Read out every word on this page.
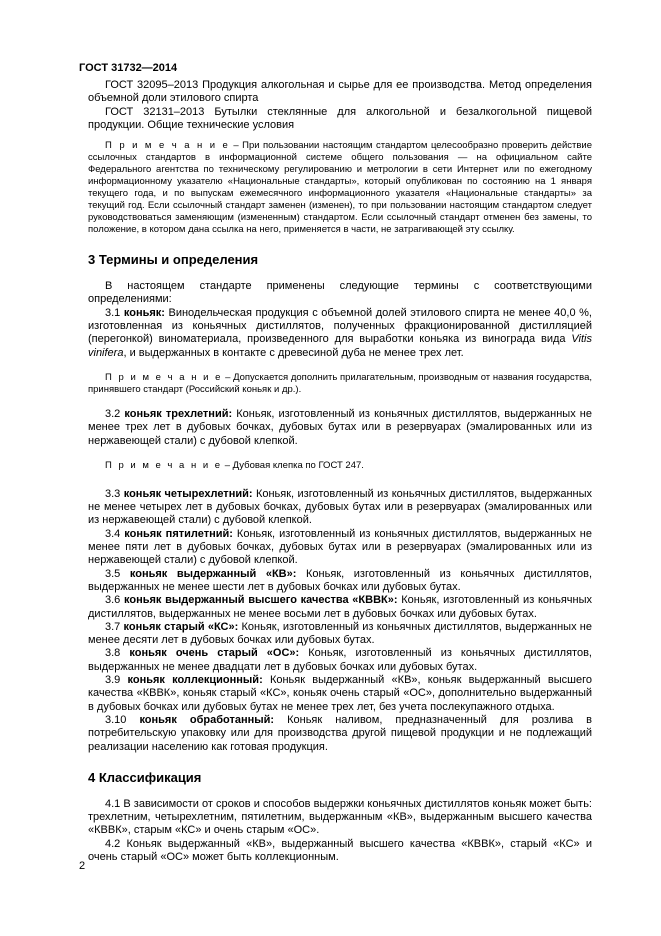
ГОСТ 31732—2014

ГОСТ 32095–2013 Продукция алкогольная и сырье для ее производства. Метод определения объемной доли этилового спирта

ГОСТ 32131–2013 Бутылки стеклянные для алкогольной и безалкогольной пищевой продукции. Общие технические условия

П р и м е ч а н и е – При пользовании настоящим стандартом целесообразно проверить действие ссылочных стандартов в информационной системе общего пользования — на официальном сайте Федерального агентства по техническому регулированию и метрологии в сети Интернет или по ежегодному информационному указателю «Национальные стандарты», который опубликован по состоянию на 1 января текущего года, и по выпускам ежемесячного информационного указателя «Национальные стандарты» за текущий год. Если ссылочный стандарт заменен (изменен), то при пользовании настоящим стандартом следует руководствоваться заменяющим (измененным) стандартом. Если ссылочный стандарт отменен без замены, то положение, в котором дана ссылка на него, применяется в части, не затрагивающей эту ссылку.

3 Термины и определения

В настоящем стандарте применены следующие термины с соответствующими определениями:

3.1 коньяк: Винодельческая продукция с объемной долей этилового спирта не менее 40,0 %, изготовленная из коньячных дистиллятов, полученных фракционированной дистилляцией (перегонкой) виноматериала, произведенного для выработки коньяка из винограда вида Vitis vinifera, и выдержанных в контакте с древесиной дуба не менее трех лет.

П р и м е ч а н и е – Допускается дополнить прилагательным, производным от названия государства, принявшего стандарт (Российский коньяк и др.).

3.2 коньяк трехлетний: Коньяк, изготовленный из коньячных дистиллятов, выдержанных не менее трех лет в дубовых бочках, дубовых бутах или в резервуарах (эмалированных или из нержавеющей стали) с дубовой клепкой.

П р и м е ч а н и е – Дубовая клепка по ГОСТ 247.

3.3 коньяк четырехлетний: Коньяк, изготовленный из коньячных дистиллятов, выдержанных не менее четырех лет в дубовых бочках, дубовых бутах или в резервуарах (эмалированных или из нержавеющей стали) с дубовой клепкой.

3.4 коньяк пятилетний: Коньяк, изготовленный из коньячных дистиллятов, выдержанных не менее пяти лет в дубовых бочках, дубовых бутах или в резервуарах (эмалированных или из нержавеющей стали) с дубовой клепкой.

3.5 коньяк выдержанный «КВ»: Коньяк, изготовленный из коньячных дистиллятов, выдержанных не менее шести лет в дубовых бочках или дубовых бутах.

3.6 коньяк выдержанный высшего качества «КВВК»: Коньяк, изготовленный из коньячных дистиллятов, выдержанных не менее восьми лет в дубовых бочках или дубовых бутах.

3.7 коньяк старый «КС»: Коньяк, изготовленный из коньячных дистиллятов, выдержанных не менее десяти лет в дубовых бочках или дубовых бутах.

3.8 коньяк очень старый «ОС»: Коньяк, изготовленный из коньячных дистиллятов, выдержанных не менее двадцати лет в дубовых бочках или дубовых бутах.

3.9 коньяк коллекционный: Коньяк выдержанный «КВ», коньяк выдержанный высшего качества «КВВК», коньяк старый «КС», коньяк очень старый «ОС», дополнительно выдержанный в дубовых бочках или дубовых бутах не менее трех лет, без учета послекупажного отдыха.

3.10 коньяк обработанный: Коньяк наливом, предназначенный для розлива в потребительскую упаковку или для производства другой пищевой продукции и не подлежащий реализации населению как готовая продукция.

4 Классификация

4.1 В зависимости от сроков и способов выдержки коньячных дистиллятов коньяк может быть: трехлетним, четырехлетним, пятилетним, выдержанным «КВ», выдержанным высшего качества «КВВК», старым «КС» и очень старым «ОС».

4.2 Коньяк выдержанный «КВ», выдержанный высшего качества «КВВК», старый «КС» и очень старый «ОС» может быть коллекционным.

2
